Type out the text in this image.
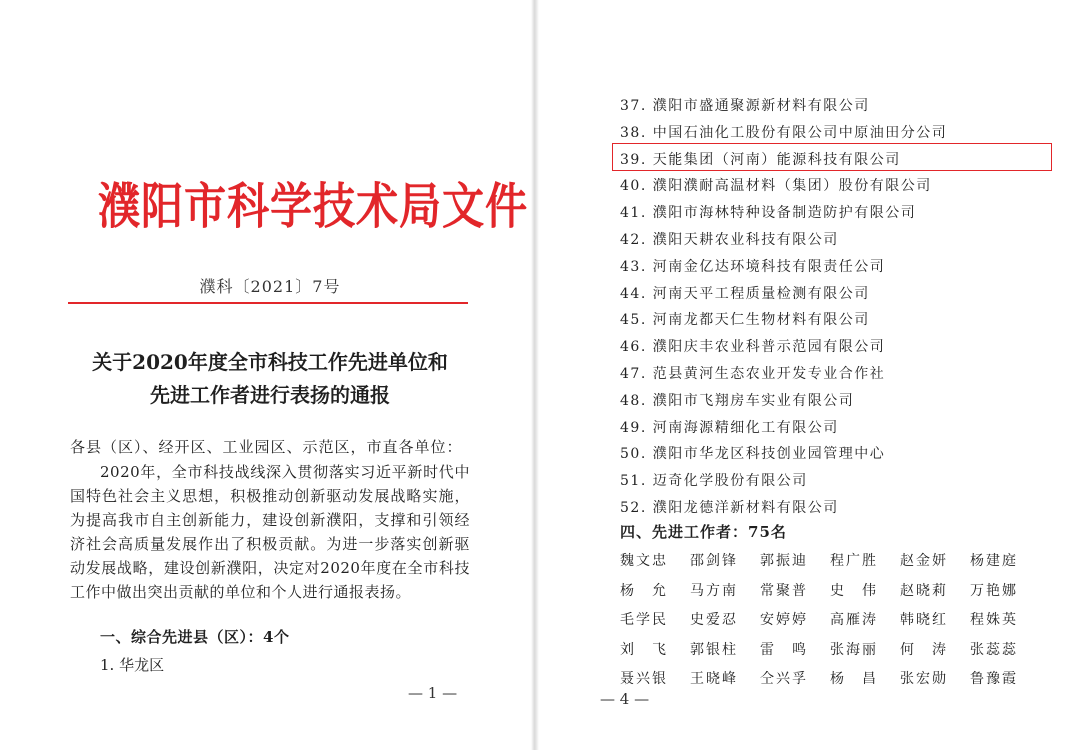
濮阳市科学技术局文件
濮科〔2021〕7号
关于2020年度全市科技工作先进单位和
先进工作者进行表扬的通报
各县（区）、经开区、工业园区、示范区，市直各单位：

2020年，全市科技战线深入贯彻落实习近平新时代中国特色社会主义思想，积极推动创新驱动发展战略实施，为提高我市自主创新能力，建设创新濮阳，支撑和引领经济社会高质量发展作出了积极贡献。为进一步落实创新驱动发展战略，建设创新濮阳，决定对2020年度在全市科技工作中做出突出贡献的单位和个人进行通报表扬。

一、综合先进县（区）：4个
1. 华龙区
— 1 —
37. 濮阳市盛通聚源新材料有限公司
38. 中国石油化工股份有限公司中原油田分公司
39. 天能集团（河南）能源科技有限公司
40. 濮阳濮耐高温材料（集团）股份有限公司
41. 濮阳市海林特种设备制造防护有限公司
42. 濮阳天耕农业科技有限公司
43. 河南金亿达环境科技有限责任公司
44. 河南天平工程质量检测有限公司
45. 河南龙都天仁生物材料有限公司
46. 濮阳庆丰农业科普示范园有限公司
47. 范县黄河生态农业开发专业合作社
48. 濮阳市飞翔房车实业有限公司
49. 河南海源精细化工有限公司
50. 濮阳市华龙区科技创业园管理中心
51. 迈奇化学股份有限公司
52. 濮阳龙德洋新材料有限公司
四、先进工作者：75名
魏文忠	邵剑锋	郭振迪	程广胜	赵金妍	杨建庭
杨　允	马方南	常聚普	史　伟	赵晓莉	万艳娜
毛学民	史爱忍	安婷婷	高雁涛	韩晓红	程姝英
刘　飞	郭银柱	雷　鸣	张海丽	何　涛	张蕊蕊
聂兴银	王晓峰	仝兴孚	杨　昌	张宏勋	鲁豫霞
— 4 —
